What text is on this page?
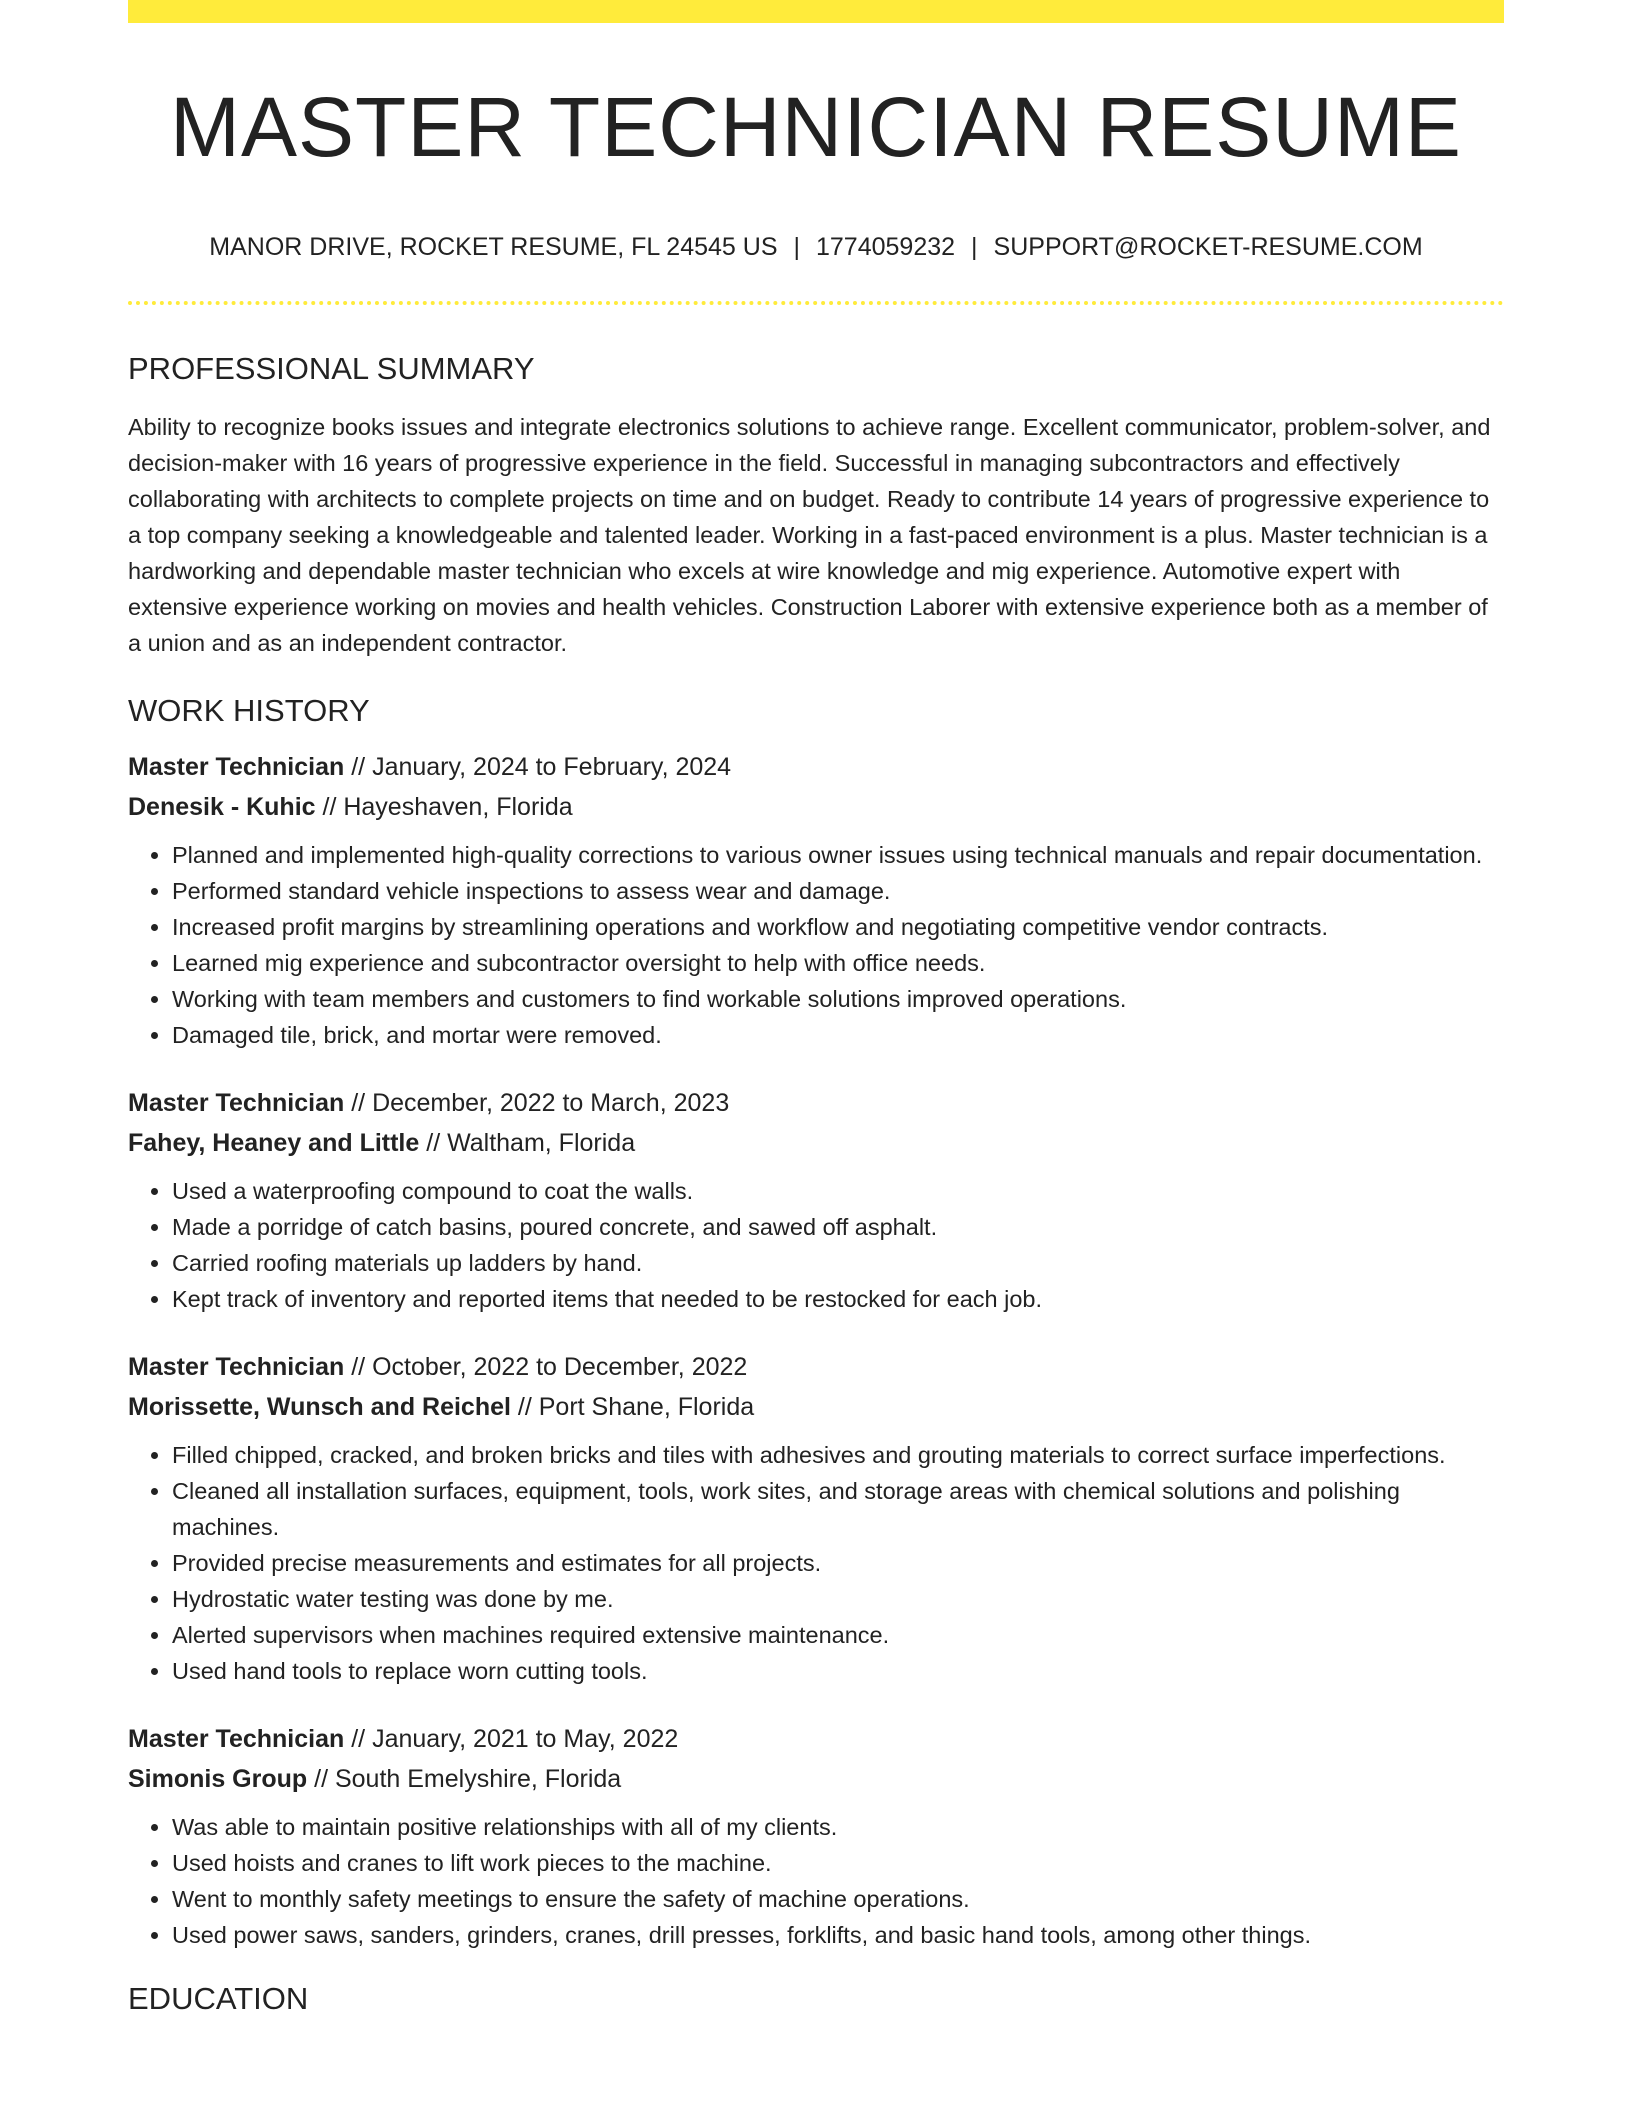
MASTER TECHNICIAN RESUME
MANOR DRIVE, ROCKET RESUME, FL 24545 US | 1774059232 | SUPPORT@ROCKET-RESUME.COM
PROFESSIONAL SUMMARY

Ability to recognize books issues and integrate electronics solutions to achieve range. Excellent communicator, problem-solver, and decision-maker with 16 years of progressive experience in the field. Successful in managing subcontractors and effectively collaborating with architects to complete projects on time and on budget. Ready to contribute 14 years of progressive experience to a top company seeking a knowledgeable and talented leader. Working in a fast-paced environment is a plus. Master technician is a hardworking and dependable master technician who excels at wire knowledge and mig experience. Automotive expert with extensive experience working on movies and health vehicles. Construction Laborer with extensive experience both as a member of a union and as an independent contractor.

WORK HISTORY
Master Technician // January, 2024 to February, 2024
Denesik - Kuhic // Hayeshaven, Florida
• Planned and implemented high-quality corrections to various owner issues using technical manuals and repair documentation.
• Performed standard vehicle inspections to assess wear and damage.
• Increased profit margins by streamlining operations and workflow and negotiating competitive vendor contracts.
• Learned mig experience and subcontractor oversight to help with office needs.
• Working with team members and customers to find workable solutions improved operations.
• Damaged tile, brick, and mortar were removed.
Master Technician // December, 2022 to March, 2023
Fahey, Heaney and Little // Waltham, Florida
• Used a waterproofing compound to coat the walls.
• Made a porridge of catch basins, poured concrete, and sawed off asphalt.
• Carried roofing materials up ladders by hand.
• Kept track of inventory and reported items that needed to be restocked for each job.
Master Technician // October, 2022 to December, 2022
Morissette, Wunsch and Reichel // Port Shane, Florida
• Filled chipped, cracked, and broken bricks and tiles with adhesives and grouting materials to correct surface imperfections.
• Cleaned all installation surfaces, equipment, tools, work sites, and storage areas with chemical solutions and polishing machines.
• Provided precise measurements and estimates for all projects.
• Hydrostatic water testing was done by me.
• Alerted supervisors when machines required extensive maintenance.
• Used hand tools to replace worn cutting tools.
Master Technician // January, 2021 to May, 2022
Simonis Group // South Emelyshire, Florida
• Was able to maintain positive relationships with all of my clients.
• Used hoists and cranes to lift work pieces to the machine.
• Went to monthly safety meetings to ensure the safety of machine operations.
• Used power saws, sanders, grinders, cranes, drill presses, forklifts, and basic hand tools, among other things.
EDUCATION
